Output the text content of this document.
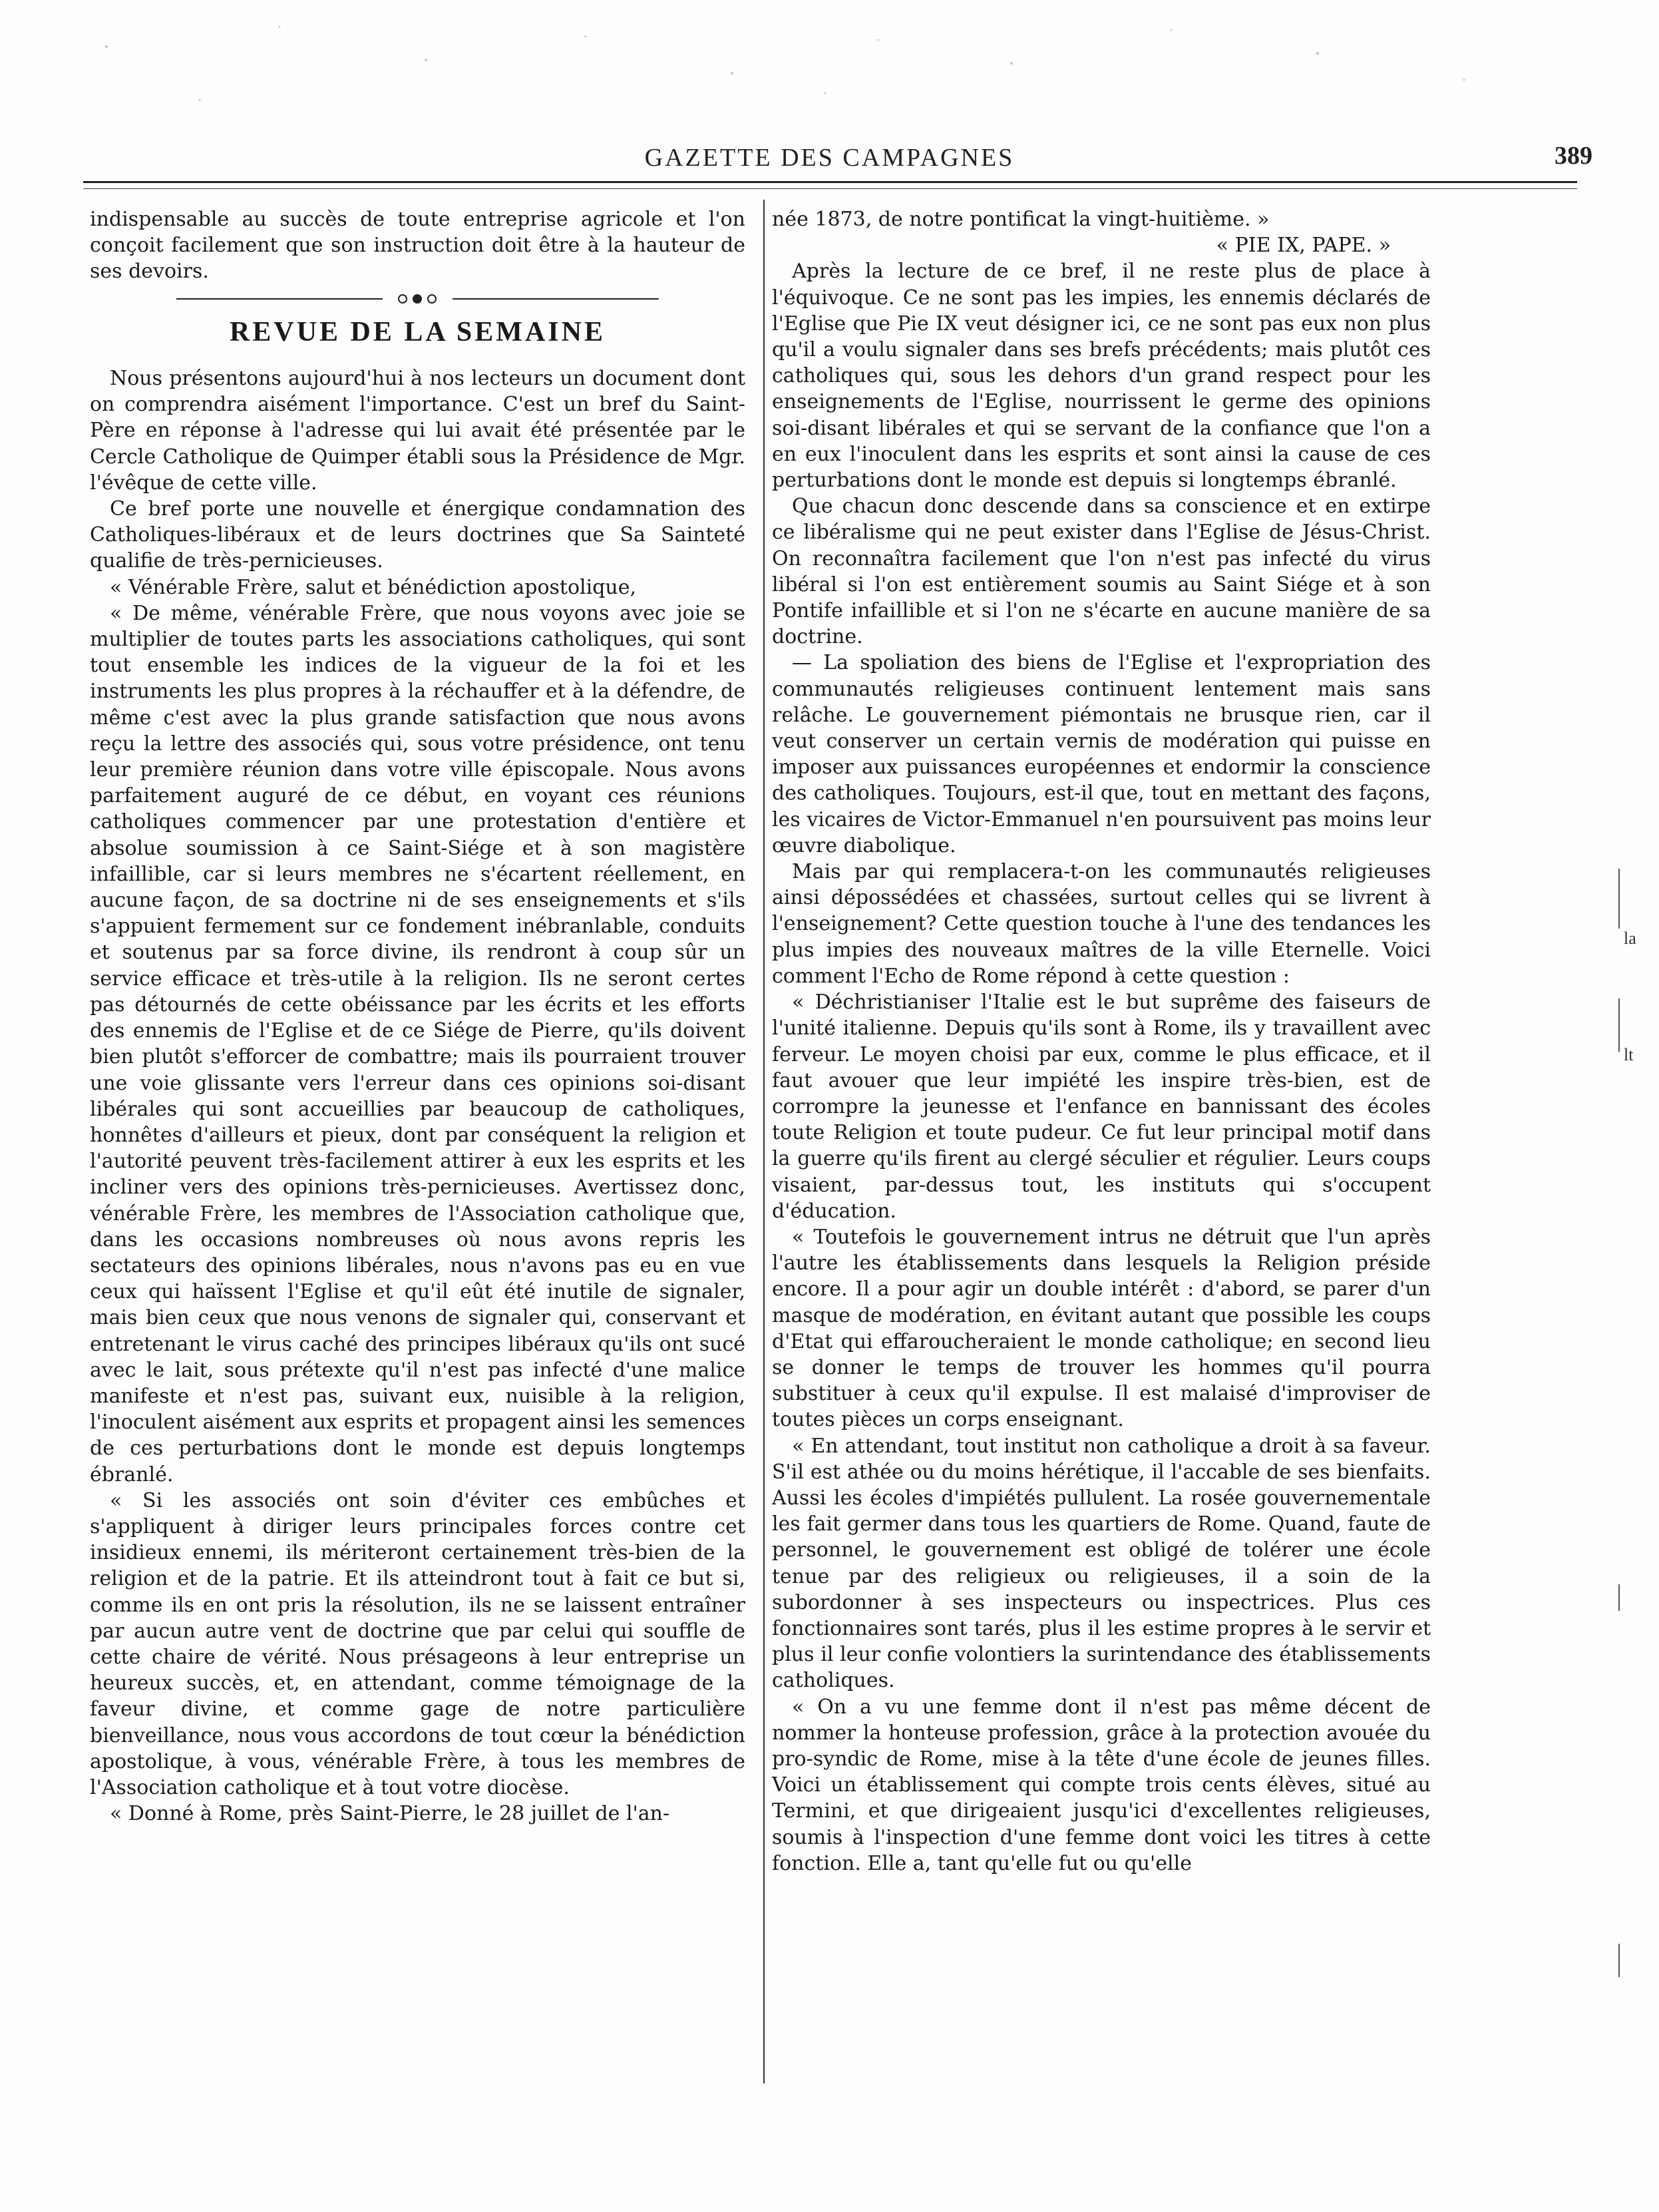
GAZETTE DES CAMPAGNES	389

indispensable au succès de toute entreprise agricole et l'on conçoit facilement que son instruction doit être à la hauteur de ses devoirs.

REVUE DE LA SEMAINE

Nous présentons aujourd'hui à nos lecteurs un document dont on comprendra aisément l'importance. C'est un bref du Saint-Père en réponse à l'adresse qui lui avait été présentée par le Cercle Catholique de Quimper établi sous la Présidence de Mgr. l'évêque de cette ville.

Ce bref porte une nouvelle et énergique condamnation des Catholiques-libéraux et de leurs doctrines que Sa Sainteté qualifie de très-pernicieuses.

« Vénérable Frère, salut et bénédiction apostolique,

« De même, vénérable Frère, que nous voyons avec joie se multiplier de toutes parts les associations catholiques, qui sont tout ensemble les indices de la vigueur de la foi et les instruments les plus propres à la réchauffer et à la défendre, de même c'est avec la plus grande satisfaction que nous avons reçu la lettre des associés qui, sous votre présidence, ont tenu leur première réunion dans votre ville épiscopale. Nous avons parfaitement auguré de ce début, en voyant ces réunions catholiques commencer par une protestation d'entière et absolue soumission à ce Saint-Siége et à son magistère infaillible, car si leurs membres ne s'écartent réellement, en aucune façon, de sa doctrine ni de ses enseignements et s'ils s'appuient fermement sur ce fondement inébranlable, conduits et soutenus par sa force divine, ils rendront à coup sûr un service efficace et très-utile à la religion. Ils ne seront certes pas détournés de cette obéissance par les écrits et les efforts des ennemis de l'Eglise et de ce Siége de Pierre, qu'ils doivent bien plutôt s'efforcer de combattre; mais ils pourraient trouver une voie glissante vers l'erreur dans ces opinions soi-disant libérales qui sont accueillies par beaucoup de catholiques, honnêtes d'ailleurs et pieux, dont par conséquent la religion et l'autorité peuvent très-facilement attirer à eux les esprits et les incliner vers des opinions très-pernicieuses. Avertissez donc, vénérable Frère, les membres de l'Association catholique que, dans les occasions nombreuses où nous avons repris les sectateurs des opinions libérales, nous n'avons pas eu en vue ceux qui haïssent l'Eglise et qu'il eût été inutile de signaler, mais bien ceux que nous venons de signaler qui, conservant et entretenant le virus caché des principes libéraux qu'ils ont sucé avec le lait, sous prétexte qu'il n'est pas infecté d'une malice manifeste et n'est pas, suivant eux, nuisible à la religion, l'inoculent aisément aux esprits et propagent ainsi les semences de ces perturbations dont le monde est depuis longtemps ébranlé.

« Si les associés ont soin d'éviter ces embûches et s'appliquent à diriger leurs principales forces contre cet insidieux ennemi, ils mériteront certainement très-bien de la religion et de la patrie. Et ils atteindront tout à fait ce but si, comme ils en ont pris la résolution, ils ne se laissent entraîner par aucun autre vent de doctrine que par celui qui souffle de cette chaire de vérité. Nous présageons à leur entreprise un heureux succès, et, en attendant, comme témoignage de la faveur divine, et comme gage de notre particulière bienveillance, nous vous accordons de tout cœur la bénédiction apostolique, à vous, vénérable Frère, à tous les membres de l'Association catholique et à tout votre diocèse.

« Donné à Rome, près Saint-Pierre, le 28 juillet de l'an-

née 1873, de notre pontificat la vingt-huitième. »

« PIE IX, PAPE. »

Après la lecture de ce bref, il ne reste plus de place à l'équivoque. Ce ne sont pas les impies, les ennemis déclarés de l'Eglise que Pie IX veut désigner ici, ce ne sont pas eux non plus qu'il a voulu signaler dans ses brefs précédents; mais plutôt ces catholiques qui, sous les dehors d'un grand respect pour les enseignements de l'Eglise, nourrissent le germe des opinions soi-disant libérales et qui se servant de la confiance que l'on a en eux l'inoculent dans les esprits et sont ainsi la cause de ces perturbations dont le monde est depuis si longtemps ébranlé.

Que chacun donc descende dans sa conscience et en extirpe ce libéralisme qui ne peut exister dans l'Eglise de Jésus-Christ. On reconnaîtra facilement que l'on n'est pas infecté du virus libéral si l'on est entièrement soumis au Saint Siége et à son Pontife infaillible et si l'on ne s'écarte en aucune manière de sa doctrine.

— La spoliation des biens de l'Eglise et l'expropriation des communautés religieuses continuent lentement mais sans relâche. Le gouvernement piémontais ne brusque rien, car il veut conserver un certain vernis de modération qui puisse en imposer aux puissances européennes et endormir la conscience des catholiques. Toujours, est-il que, tout en mettant des façons, les vicaires de Victor-Emmanuel n'en poursuivent pas moins leur œuvre diabolique.

Mais par qui remplacera-t-on les communautés religieuses ainsi dépossédées et chassées, surtout celles qui se livrent à l'enseignement? Cette question touche à l'une des tendances les plus impies des nouveaux maîtres de la ville Eternelle. Voici comment l'Echo de Rome répond à cette question :

« Déchristianiser l'Italie est le but suprême des faiseurs de l'unité italienne. Depuis qu'ils sont à Rome, ils y travaillent avec ferveur. Le moyen choisi par eux, comme le plus efficace, et il faut avouer que leur impiété les inspire très-bien, est de corrompre la jeunesse et l'enfance en bannissant des écoles toute Religion et toute pudeur. Ce fut leur principal motif dans la guerre qu'ils firent au clergé séculier et régulier. Leurs coups visaient, par-dessus tout, les instituts qui s'occupent d'éducation.

« Toutefois le gouvernement intrus ne détruit que l'un après l'autre les établissements dans lesquels la Religion préside encore. Il a pour agir un double intérêt : d'abord, se parer d'un masque de modération, en évitant autant que possible les coups d'Etat qui effaroucheraient le monde catholique; en second lieu se donner le temps de trouver les hommes qu'il pourra substituer à ceux qu'il expulse. Il est malaisé d'improviser de toutes pièces un corps enseignant.

« En attendant, tout institut non catholique a droit à sa faveur. S'il est athée ou du moins hérétique, il l'accable de ses bienfaits. Aussi les écoles d'impiétés pullulent. La rosée gouvernementale les fait germer dans tous les quartiers de Rome. Quand, faute de personnel, le gouvernement est obligé de tolérer une école tenue par des religieux ou religieuses, il a soin de la subordonner à ses inspecteurs ou inspectrices. Plus ces fonctionnaires sont tarés, plus il les estime propres à le servir et plus il leur confie volontiers la surintendance des établissements catholiques.

« On a vu une femme dont il n'est pas même décent de nommer la honteuse profession, grâce à la protection avouée du pro-syndic de Rome, mise à la tête d'une école de jeunes filles. Voici un établissement qui compte trois cents élèves, situé au Termini, et que dirigeaient jusqu'ici d'excellentes religieuses, soumis à l'inspection d'une femme dont voici les titres à cette fonction. Elle a, tant qu'elle fut ou qu'elle

la
lt
